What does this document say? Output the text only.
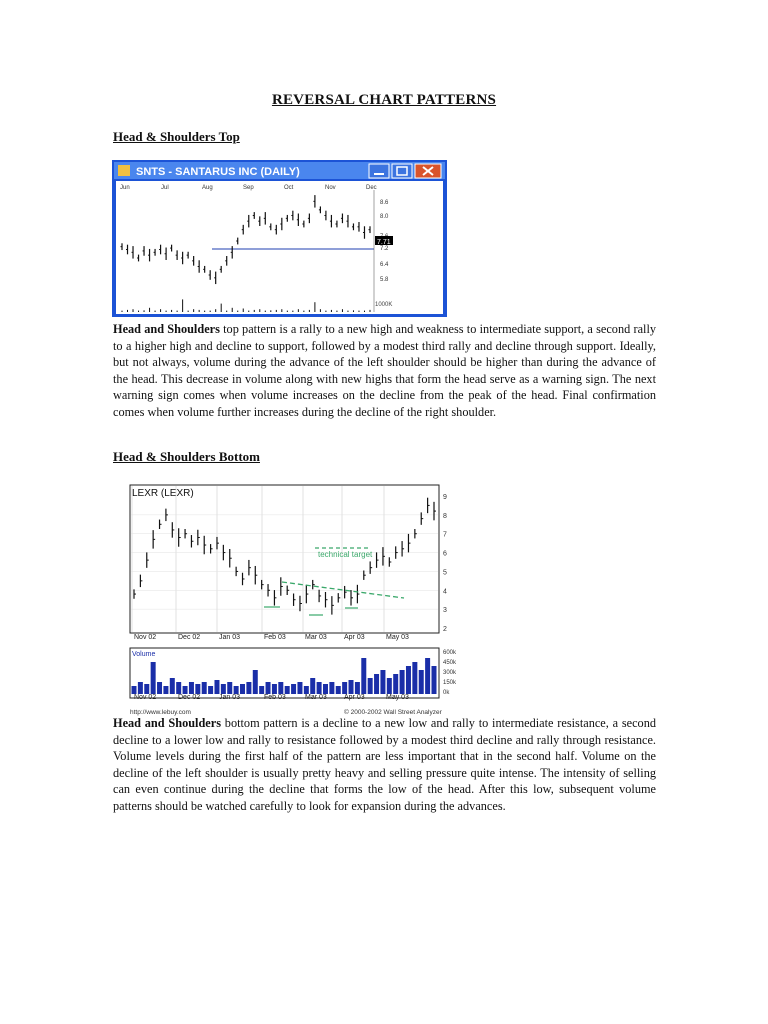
REVERSAL CHART PATTERNS
Head & Shoulders Top
SNTS - SANTARUS INC (DAILY)
Jun	Jul	Aug	Sep	Oct	Nov	Dec
8.6
8.0
7.2
6.4
5.8
7.71
1000K
Head and Shoulders top pattern is a rally to a new high and weakness to intermediate support, a second rally to a higher high and decline to support, followed by a modest third rally and decline through support. Ideally, but not always, volume during the advance of the left shoulder should be higher than during the advance of the head. This decrease in volume along with new highs that form the head serve as a warning sign. The next warning sign comes when volume increases on the decline from the peak of the head. Final confirmation comes when volume further increases during the decline of the right shoulder.
Head & Shoulders Bottom
LEXR (LEXR)
technical target
9
8
7
6
5
4
3
2
Nov 02	Dec 02	Jan 03	Feb 03	Mar 03 Apr 03	May 03
Volume	600k
450k
300k
150k
0k
Nov 02	Dec 02	Jan 03	Feb 03	Mar 03 Apr 03	May 03
http://www.lebuy.com	© 2000-2002 Wall Street Analyzer
Head and Shoulders bottom pattern is a decline to a new low and rally to intermediate resistance, a second decline to a lower low and rally to resistance followed by a modest third decline and rally through resistance. Volume levels during the first half of the pattern are less important that in the second half. Volume on the decline of the left shoulder is usually pretty heavy and selling pressure quite intense. The intensity of selling can even continue during the decline that forms the low of the head. After this low, subsequent volume patterns should be watched carefully to look for expansion during the advances.
